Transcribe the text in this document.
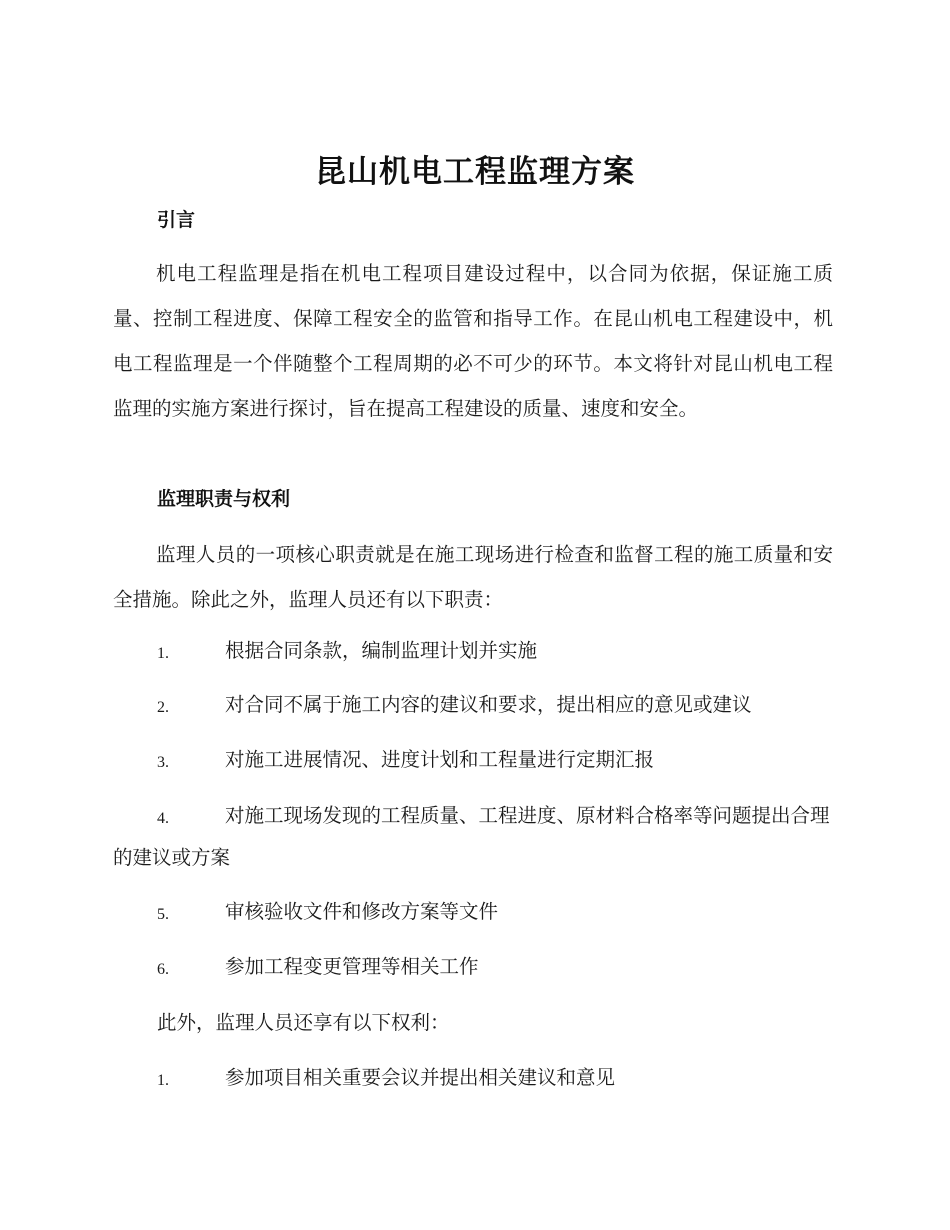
昆山机电工程监理方案
引言
机电工程监理是指在机电工程项目建设过程中，以合同为依据，保证施工质量、控制工程进度、保障工程安全的监管和指导工作。在昆山机电工程建设中，机电工程监理是一个伴随整个工程周期的必不可少的环节。本文将针对昆山机电工程监理的实施方案进行探讨，旨在提高工程建设的质量、速度和安全。
监理职责与权利
监理人员的一项核心职责就是在施工现场进行检查和监督工程的施工质量和安全措施。除此之外，监理人员还有以下职责：
1.	根据合同条款，编制监理计划并实施
2.	对合同不属于施工内容的建议和要求，提出相应的意见或建议
3.	对施工进展情况、进度计划和工程量进行定期汇报
4.	对施工现场发现的工程质量、工程进度、原材料合格率等问题提出合理的建议或方案
5.	审核验收文件和修改方案等文件
6.	参加工程变更管理等相关工作
此外，监理人员还享有以下权利：
1.	参加项目相关重要会议并提出相关建议和意见
